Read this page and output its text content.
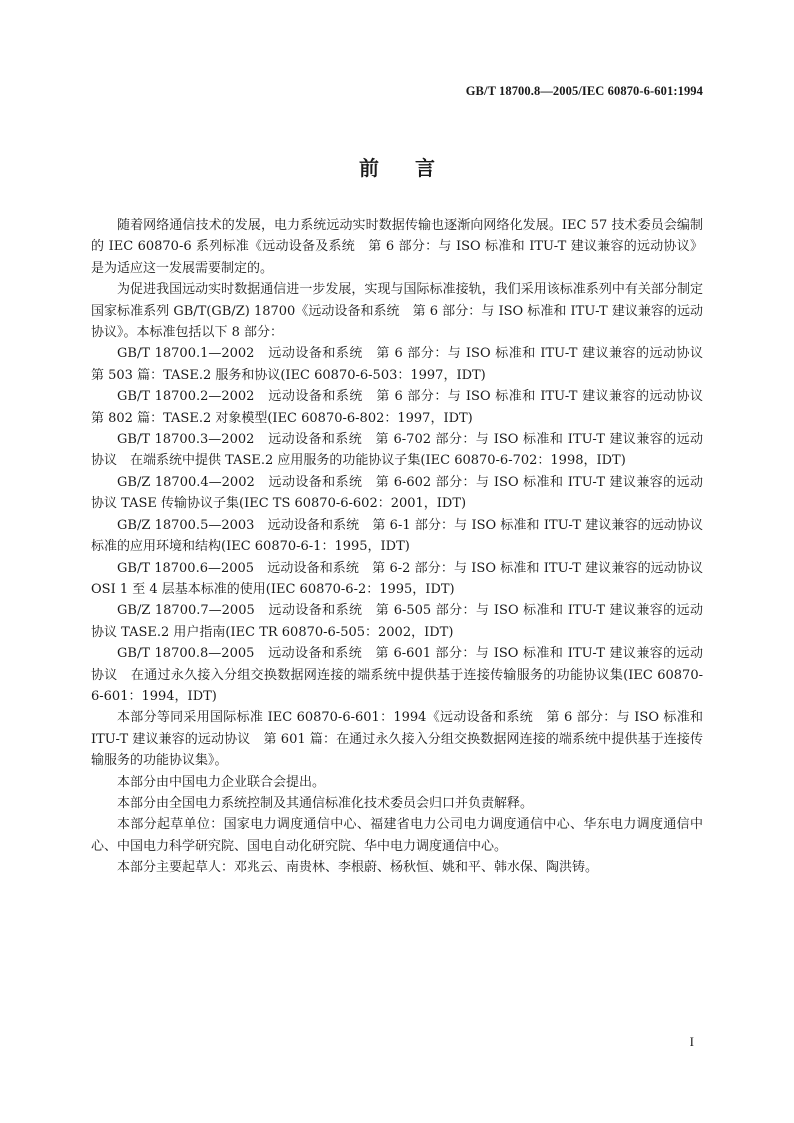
GB/T 18700.8—2005/IEC 60870-6-601:1994
前言

随着网络通信技术的发展，电力系统远动实时数据传输也逐渐向网络化发展。IEC 57 技术委员会编制的 IEC 60870-6 系列标准《远动设备及系统　第 6 部分：与 ISO 标准和 ITU-T 建议兼容的远动协议》是为适应这一发展需要制定的。

为促进我国远动实时数据通信进一步发展，实现与国际标准接轨，我们采用该标准系列中有关部分制定国家标准系列 GB/T(GB/Z) 18700《远动设备和系统　第 6 部分：与 ISO 标准和 ITU-T 建议兼容的远动协议》。本标准包括以下 8 部分：

GB/T 18700.1—2002　远动设备和系统　第 6 部分：与 ISO 标准和 ITU-T 建议兼容的远动协议　第 503 篇：TASE.2 服务和协议(IEC 60870-6-503：1997，IDT)

GB/T 18700.2—2002　远动设备和系统　第 6 部分：与 ISO 标准和 ITU-T 建议兼容的远动协议　第 802 篇：TASE.2 对象模型(IEC 60870-6-802：1997，IDT)

GB/T 18700.3—2002　远动设备和系统　第 6-702 部分：与 ISO 标准和 ITU-T 建议兼容的远动协议　在端系统中提供 TASE.2 应用服务的功能协议子集(IEC 60870-6-702：1998，IDT)

GB/Z 18700.4—2002　远动设备和系统　第 6-602 部分：与 ISO 标准和 ITU-T 建议兼容的远动协议 TASE 传输协议子集(IEC TS 60870-6-602：2001，IDT)

GB/Z 18700.5—2003　远动设备和系统　第 6-1 部分：与 ISO 标准和 ITU-T 建议兼容的远动协议标准的应用环境和结构(IEC 60870-6-1：1995，IDT)

GB/T 18700.6—2005　远动设备和系统　第 6-2 部分：与 ISO 标准和 ITU-T 建议兼容的远动协议　OSI 1 至 4 层基本标准的使用(IEC 60870-6-2：1995，IDT)

GB/Z 18700.7—2005　远动设备和系统　第 6-505 部分：与 ISO 标准和 ITU-T 建议兼容的远动协议 TASE.2 用户指南(IEC TR 60870-6-505：2002，IDT)

GB/T 18700.8—2005　远动设备和系统　第 6-601 部分：与 ISO 标准和 ITU-T 建议兼容的远动协议　在通过永久接入分组交换数据网连接的端系统中提供基于连接传输服务的功能协议集(IEC 60870-6-601：1994，IDT)

本部分等同采用国际标准 IEC 60870-6-601：1994《远动设备和系统　第 6 部分：与 ISO 标准和 ITU-T 建议兼容的远动协议　第 601 篇：在通过永久接入分组交换数据网连接的端系统中提供基于连接传输服务的功能协议集》。

本部分由中国电力企业联合会提出。

本部分由全国电力系统控制及其通信标准化技术委员会归口并负责解释。

本部分起草单位：国家电力调度通信中心、福建省电力公司电力调度通信中心、华东电力调度通信中心、中国电力科学研究院、国电自动化研究院、华中电力调度通信中心。

本部分主要起草人：邓兆云、南贵林、李根蔚、杨秋恒、姚和平、韩水保、陶洪铸。

I
